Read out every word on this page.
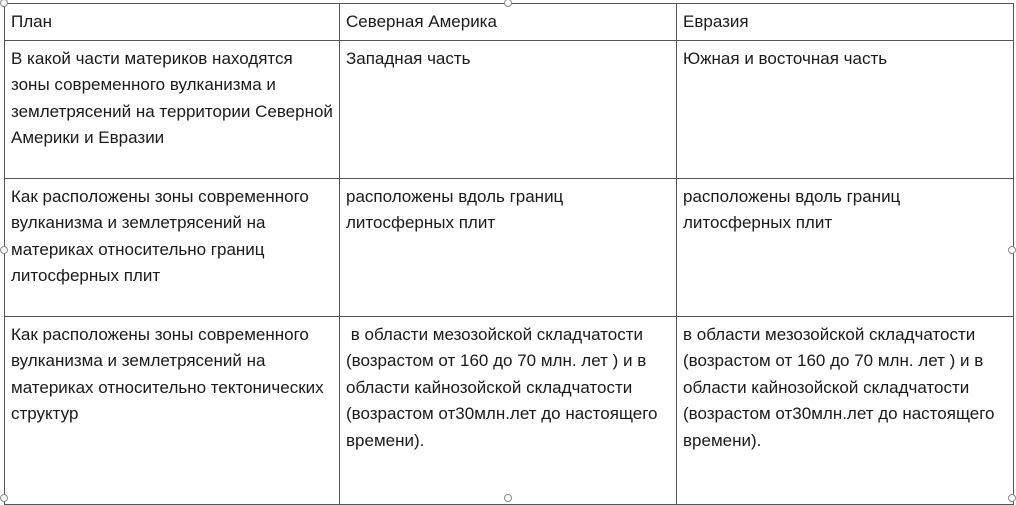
План	Северная Америка	Евразия
В какой части материков находятся зоны современного вулканизма и землетрясений на территории Северной Америки и Евразии	Западная часть	Южная и восточная часть
Как расположены зоны современного вулканизма и землетрясений на материках относительно границ литосферных плит	расположены вдоль границ литосферных плит	расположены вдоль границ литосферных плит
Как расположены зоны современного вулканизма и землетрясений на материках относительно тектонических структур	в области мезозойской складчатости (возрастом от 160 до 70 млн. лет ) и в области кайнозойской складчатости (возрастом от30млн.лет до настоящего времени).	в области мезозойской складчатости (возрастом от 160 до 70 млн. лет ) и в области кайнозойской складчатости (возрастом от30млн.лет до настоящего времени).
